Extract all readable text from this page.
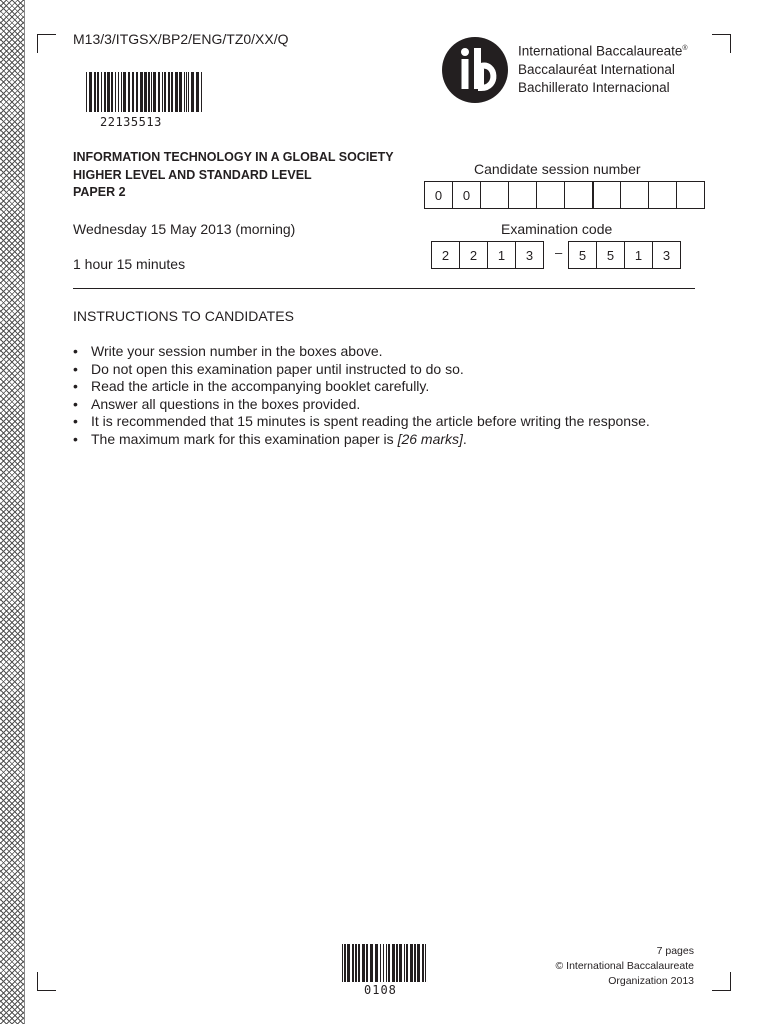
M13/3/ITGSX/BP2/ENG/TZ0/XX/Q
22135513
International Baccalaureate®
Baccalauréat International
Bachillerato Internacional
INFORMATION TECHNOLOGY IN A GLOBAL SOCIETY
HIGHER LEVEL AND STANDARD LEVEL
PAPER 2
Candidate session number
0	0
Wednesday 15 May 2013 (morning)
1 hour 15 minutes
Examination code
2	2	1	3	–	5	5	1	3
INSTRUCTIONS TO CANDIDATES
• Write your session number in the boxes above.
• Do not open this examination paper until instructed to do so.
• Read the article in the accompanying booklet carefully.
• Answer all questions in the boxes provided.
• It is recommended that 15 minutes is spent reading the article before writing the response.
• The maximum mark for this examination paper is [26 marks].
0108
7 pages
© International Baccalaureate Organization 2013
